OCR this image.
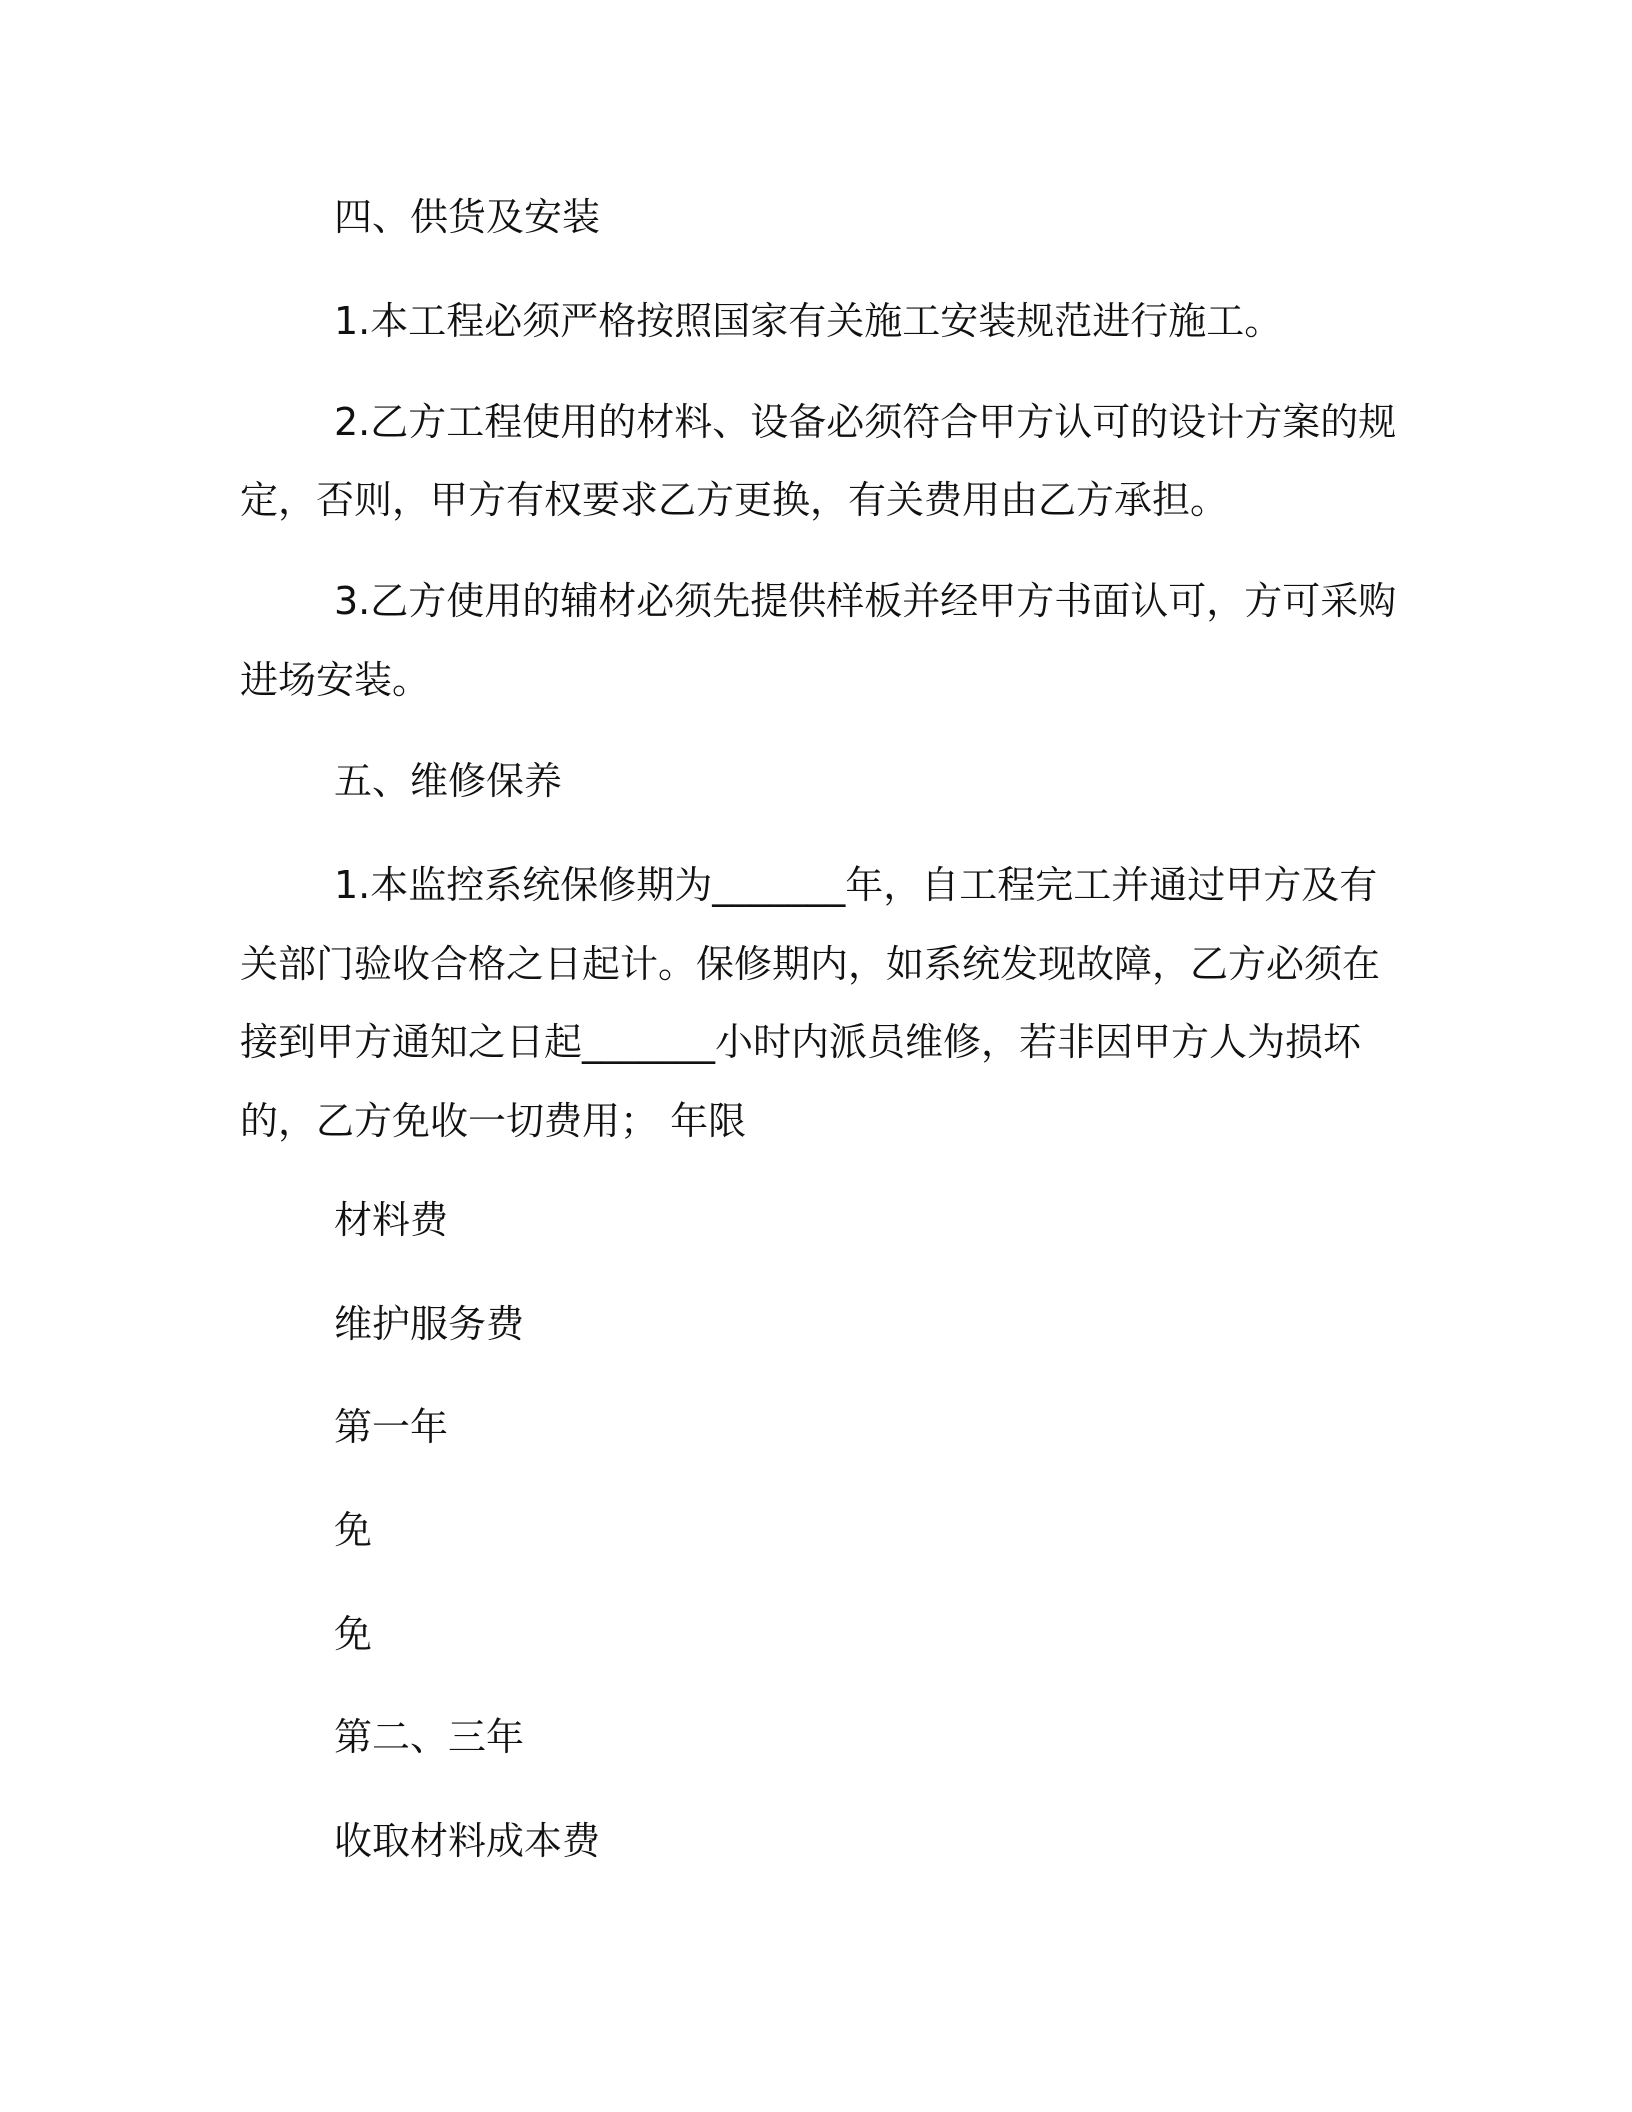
四、供货及安装
1.本工程必须严格按照国家有关施工安装规范进行施工。
2.乙方工程使用的材料、设备必须符合甲方认可的设计方案的规
定，否则，甲方有权要求乙方更换，有关费用由乙方承担。
3.乙方使用的辅材必须先提供样板并经甲方书面认可，方可采购
进场安装。
五、维修保养
1.本监控系统保修期为_______年，自工程完工并通过甲方及有
关部门验收合格之日起计。保修期内，如系统发现故障，乙方必须在
接到甲方通知之日起_______小时内派员维修，若非因甲方人为损坏
的，乙方免收一切费用； 年限
材料费
维护服务费
第一年
免
免
第二、三年
收取材料成本费
